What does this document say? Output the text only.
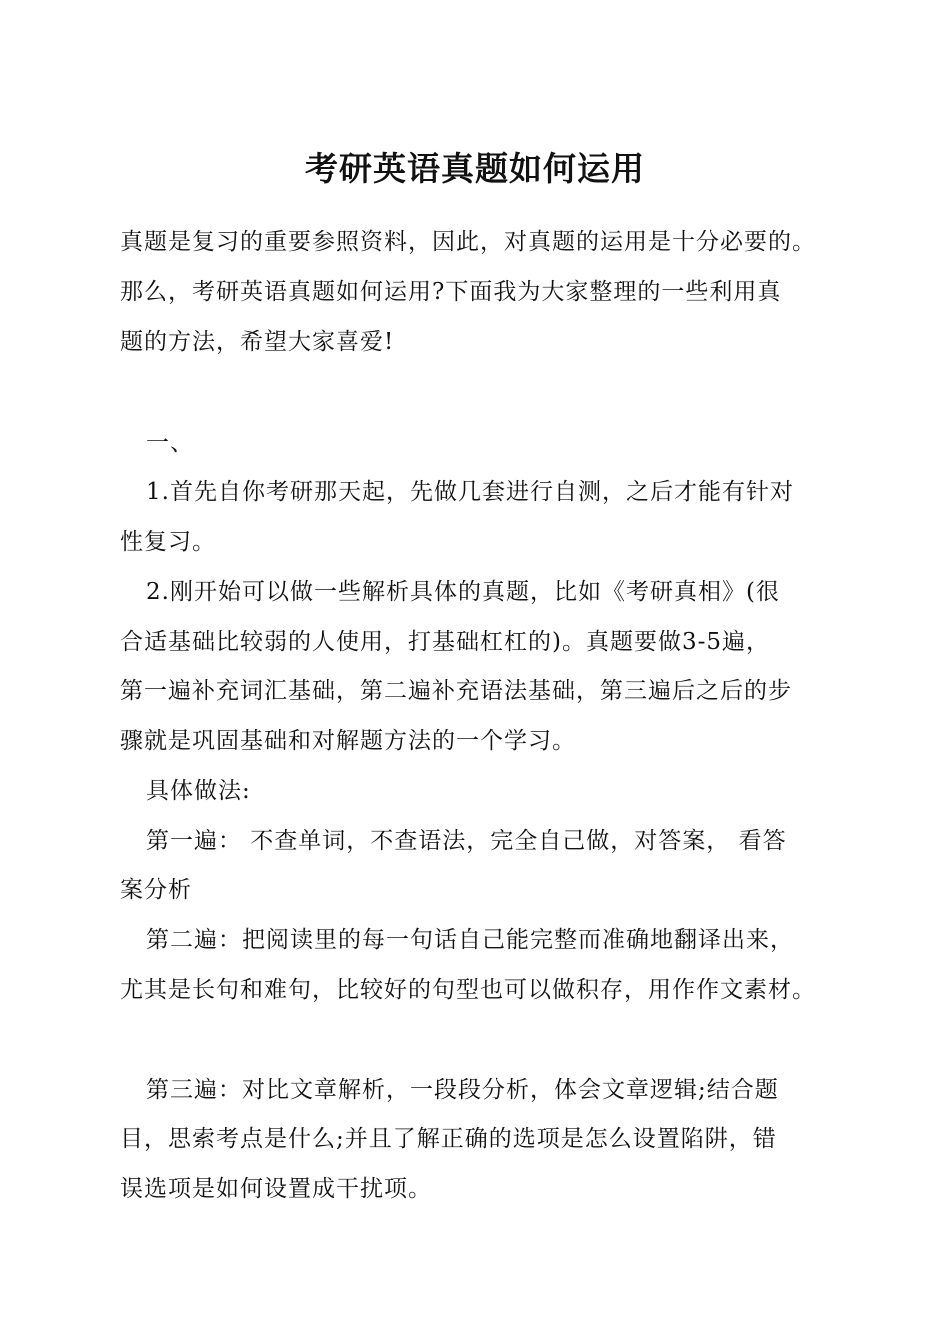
考研英语真题如何运用
真题是复习的重要参照资料，因此，对真题的运用是十分必要的。
那么，考研英语真题如何运用?下面我为大家整理的一些利用真
题的方法，希望大家喜爱!
一、
1.首先自你考研那天起，先做几套进行自测，之后才能有针对
性复习。
2.刚开始可以做一些解析具体的真题，比如《考研真相》(很
合适基础比较弱的人使用，打基础杠杠的)。真题要做3-5遍，
第一遍补充词汇基础，第二遍补充语法基础，第三遍后之后的步
骤就是巩固基础和对解题方法的一个学习。
具体做法:
第一遍： 不查单词，不查语法，完全自己做，对答案， 看答
案分析
第二遍：把阅读里的每一句话自己能完整而准确地翻译出来，
尤其是长句和难句，比较好的句型也可以做积存，用作作文素材。
第三遍：对比文章解析，一段段分析，体会文章逻辑;结合题
目，思索考点是什么;并且了解正确的选项是怎么设置陷阱，错
误选项是如何设置成干扰项。
